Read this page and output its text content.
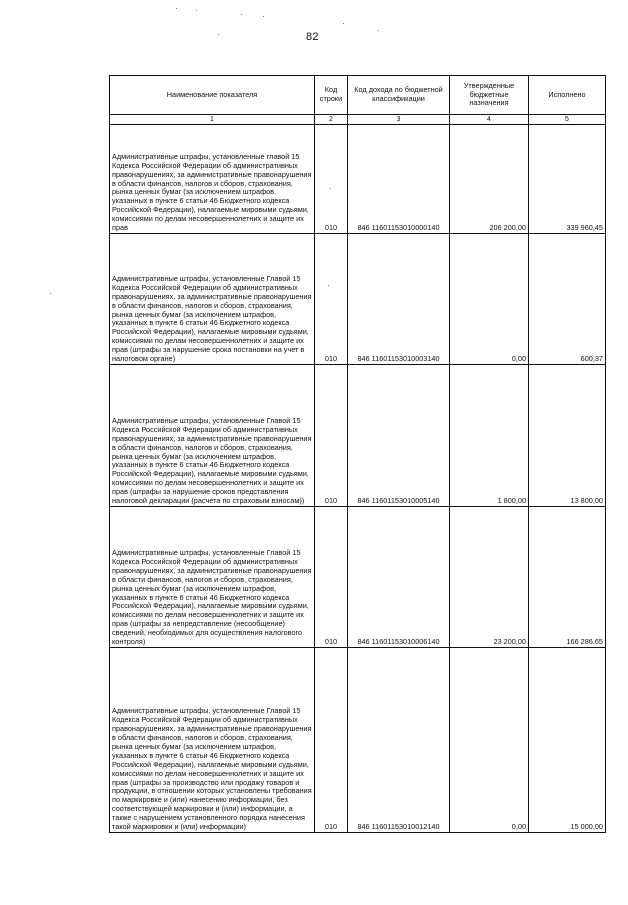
82
Наименование показателя	Код строки	Код дохода по бюджетной классификации	Утвержденные бюджетные назначения	Исполнено
1	2	3	4	5
Административные штрафы, установленные главой 15 Кодекса Российской Федерации об административных правонарушениях, за административные правонарушения в области финансов, налогов и сборов, страхования, рынка ценных бумаг (за исключением штрафов, указанных в пункте 6 статьи 46 Бюджетного кодекса Российской Федерации), налагаемые мировыми судьями, комиссиями по делам несовершеннолетних и защите их прав	010	846 11601153010000140	206 200,00	339 960,45
Административные штрафы, установленные Главой 15 Кодекса Российской Федерации об административных правонарушениях, за административные правонарушения в области финансов, налогов и сборов, страхования, рынка ценных бумаг (за исключением штрафов, указанных в пункте 6 статьи 46 Бюджетного кодекса Российской Федерации), налагаемые мировыми судьями, комиссиями по делам несовершеннолетних и защите их прав (штрафы за нарушение срока постановки на учет в налоговом органе)	010	846 11601153010003140	0,00	600,37
Административные штрафы, установленные Главой 15 Кодекса Российской Федерации об административных правонарушениях, за административные правонарушения в области финансов, налогов и сборов, страхования, рынка ценных бумаг (за исключением штрафов, указанных в пункте 6 статьи 46 Бюджетного кодекса Российской Федерации), налагаемые мировыми судьями, комиссиями по делам несовершеннолетних и защите их прав (штрафы за нарушение сроков представления налоговой декларации (расчета по страховым взносам))	010	846 11601153010005140	1 800,00	13 800,00
Административные штрафы, установленные Главой 15 Кодекса Российской Федерации об административных правонарушениях, за административные правонарушения в области финансов, налогов и сборов, страхования, рынка ценных бумаг (за исключением штрафов, указанных в пункте 6 статьи 46 Бюджетного кодекса Российской Федерации), налагаемые мировыми судьями, комиссиями по делам несовершеннолетних и защите их прав (штрафы за непредставление (несообщение) сведений, необходимых для осуществления налогового контроля)	010	846 11601153010006140	23 200,00	166 286,65
Административные штрафы, установленные Главой 15 Кодекса Российской Федерации об административных правонарушениях, за административные правонарушения в области финансов, налогов и сборов, страхования, рынка ценных бумаг (за исключением штрафов, указанных в пункте 6 статьи 46 Бюджетного кодекса Российской Федерации), налагаемые мировыми судьями, комиссиями по делам несовершеннолетних и защите их прав (штрафы за производство или продажу товаров и продукции, в отношении которых установлены требования по маркировке и (или) нанесению информации, без соответствующей маркировки и (или) информации, а также с нарушением установленного порядка нанесения такой маркировки и (или) информации)	010	846 11601153010012140	0,00	15 000,00
